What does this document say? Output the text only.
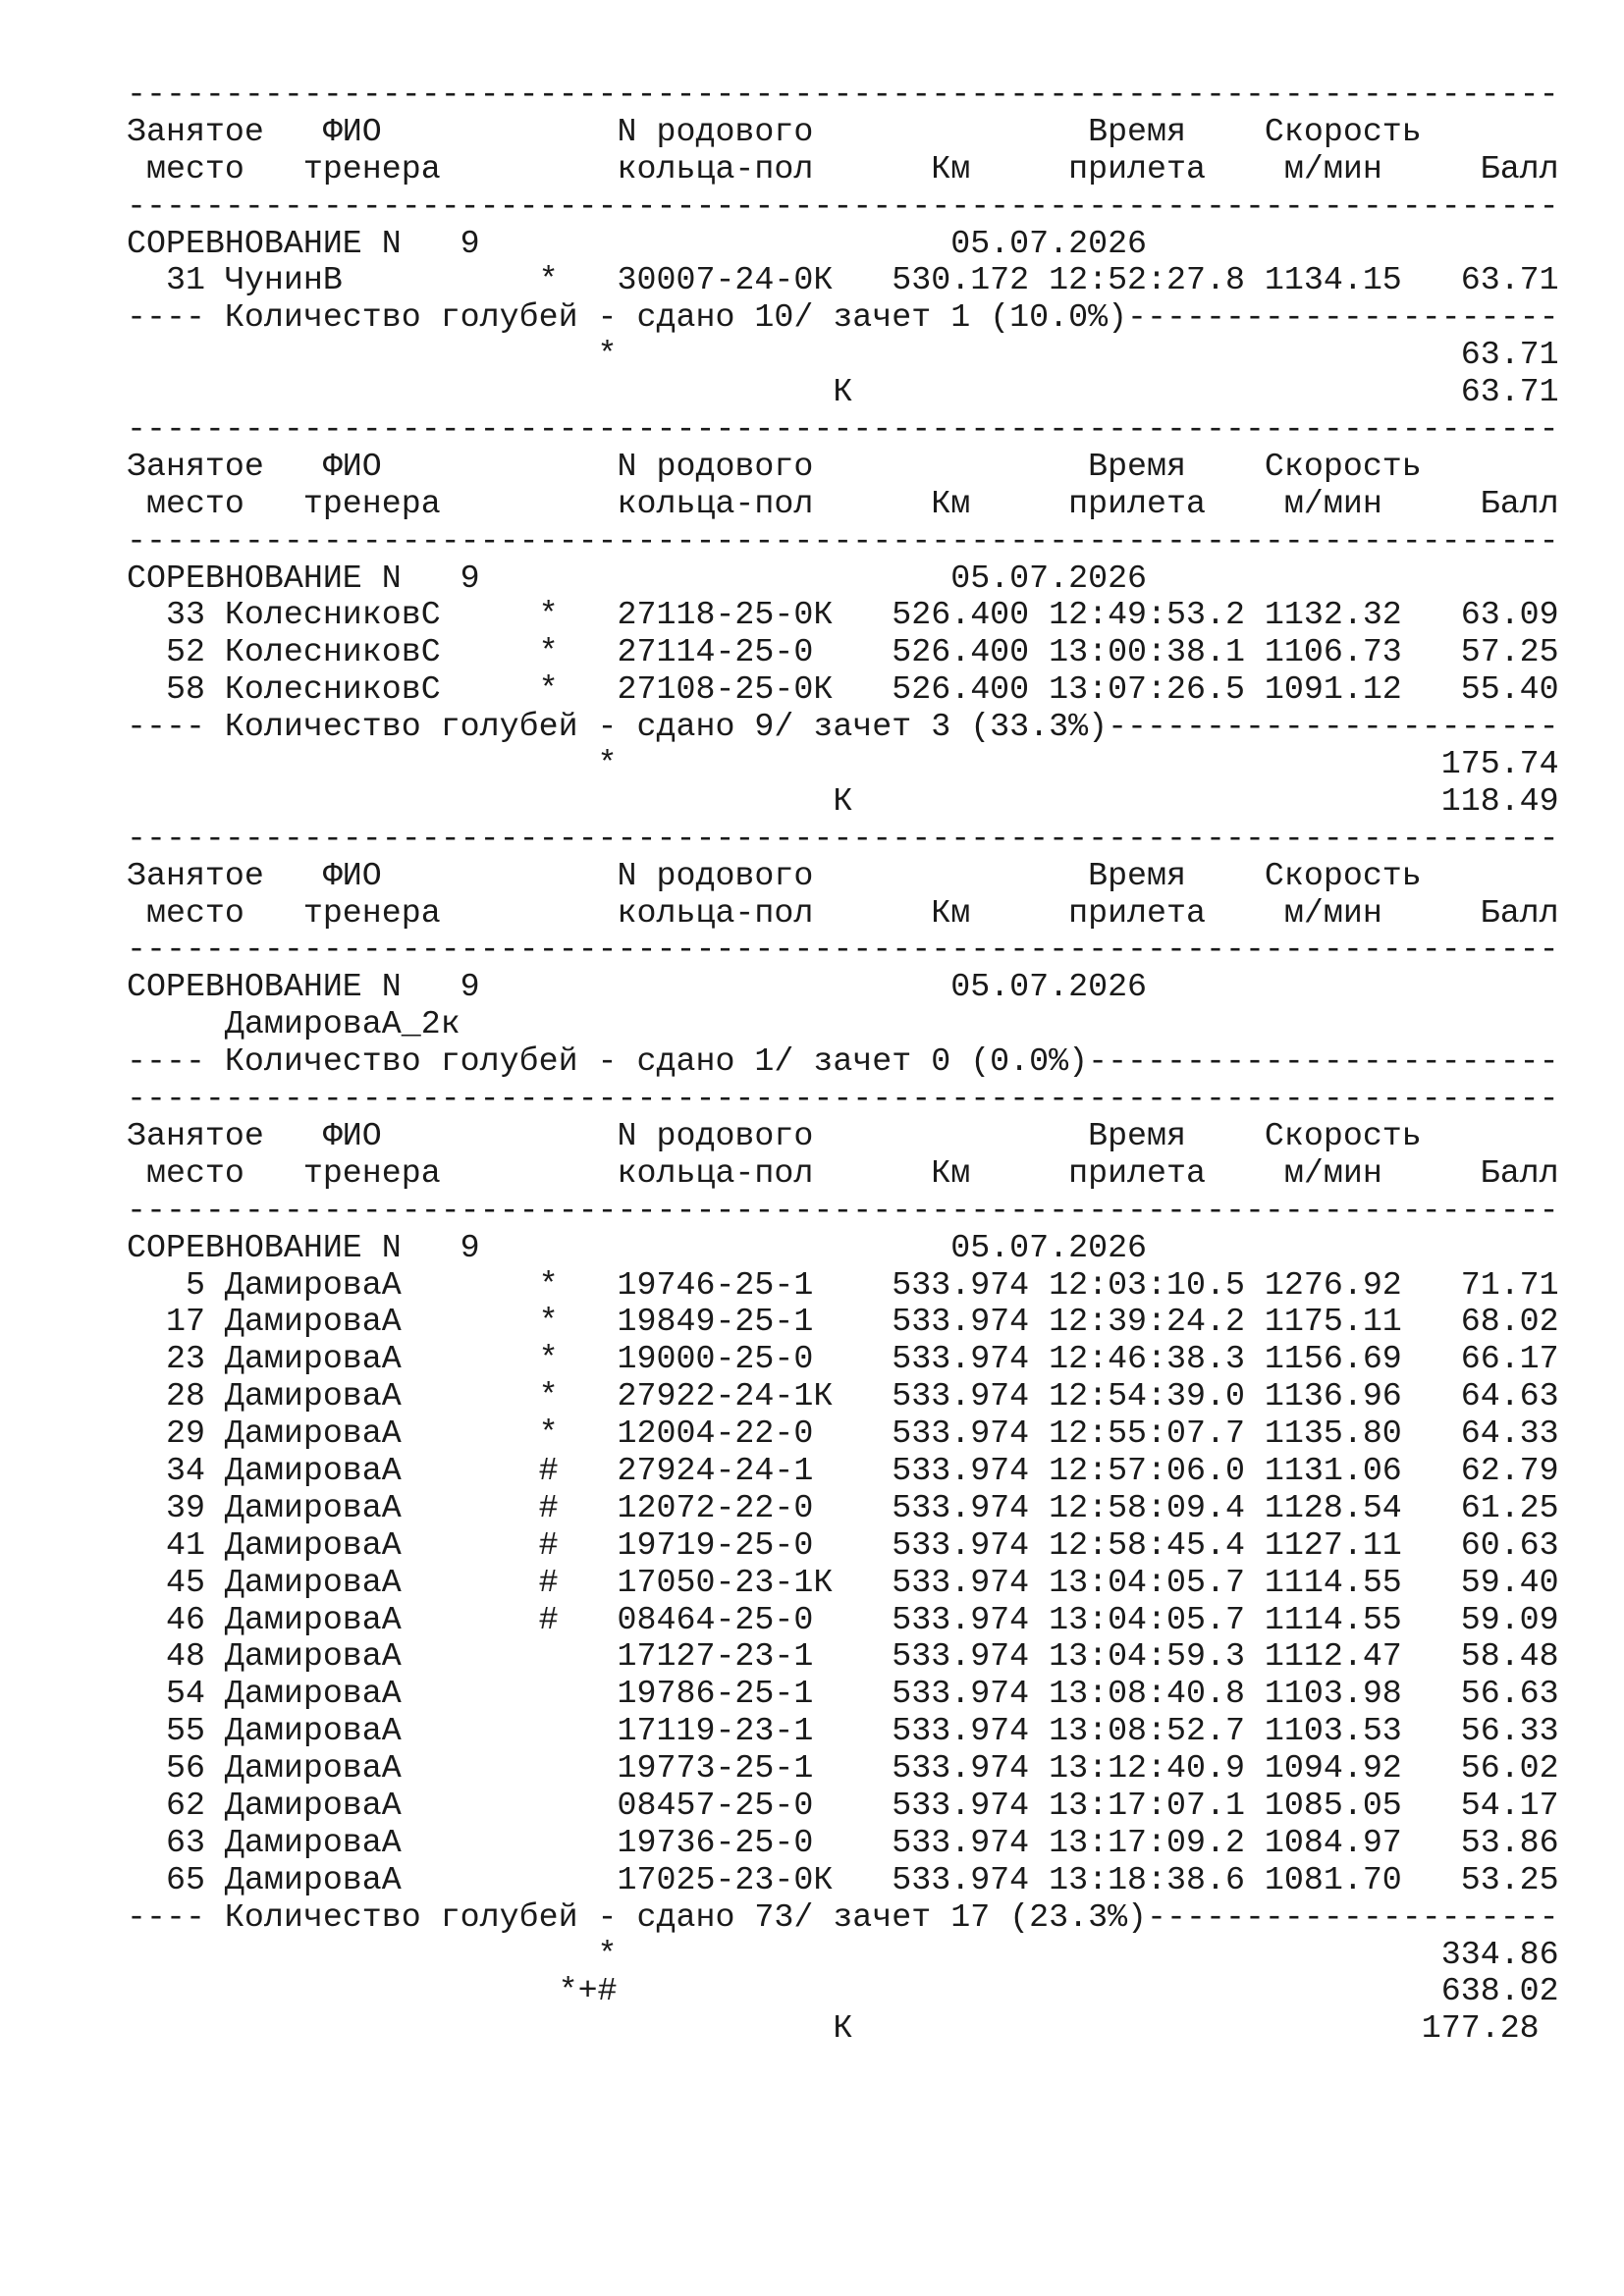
-------------------------------------------------------------------------
Занятое   ФИО            N родового              Время    Скорость
место   тренера         кольца-пол      Км     прилета    м/мин     Балл
-------------------------------------------------------------------------
СОРЕВНОВАНИЕ N   9                        05.07.2026
31 ЧунинВ          *   30007-24-0К   530.172 12:52:27.8 1134.15   63.71
---- Количество голубей - сдано 10/ зачет 1 (10.0%)----------------------
*                                           63.71
К                               63.71
-------------------------------------------------------------------------
Занятое   ФИО            N родового              Время    Скорость
место   тренера         кольца-пол      Км     прилета    м/мин     Балл
-------------------------------------------------------------------------
СОРЕВНОВАНИЕ N   9                        05.07.2026
33 КолесниковС     *   27118-25-0К   526.400 12:49:53.2 1132.32   63.09
52 КолесниковС     *   27114-25-0    526.400 13:00:38.1 1106.73   57.25
58 КолесниковС     *   27108-25-0К   526.400 13:07:26.5 1091.12   55.40
---- Количество голубей - сдано 9/ зачет 3 (33.3%)-----------------------
*                                          175.74
К                              118.49
-------------------------------------------------------------------------
Занятое   ФИО            N родового              Время    Скорость
место   тренера         кольца-пол      Км     прилета    м/мин     Балл
-------------------------------------------------------------------------
СОРЕВНОВАНИЕ N   9                        05.07.2026
ДамироваА_2к
---- Количество голубей - сдано 1/ зачет 0 (0.0%)------------------------
-------------------------------------------------------------------------
Занятое   ФИО            N родового              Время    Скорость
место   тренера         кольца-пол      Км     прилета    м/мин     Балл
-------------------------------------------------------------------------
СОРЕВНОВАНИЕ N   9                        05.07.2026
5 ДамироваА       *   19746-25-1    533.974 12:03:10.5 1276.92   71.71
17 ДамироваА       *   19849-25-1    533.974 12:39:24.2 1175.11   68.02
23 ДамироваА       *   19000-25-0    533.974 12:46:38.3 1156.69   66.17
28 ДамироваА       *   27922-24-1К   533.974 12:54:39.0 1136.96   64.63
29 ДамироваА       *   12004-22-0    533.974 12:55:07.7 1135.80   64.33
34 ДамироваА       #   27924-24-1    533.974 12:57:06.0 1131.06   62.79
39 ДамироваА       #   12072-22-0    533.974 12:58:09.4 1128.54   61.25
41 ДамироваА       #   19719-25-0    533.974 12:58:45.4 1127.11   60.63
45 ДамироваА       #   17050-23-1К   533.974 13:04:05.7 1114.55   59.40
46 ДамироваА       #   08464-25-0    533.974 13:04:05.7 1114.55   59.09
48 ДамироваА           17127-23-1    533.974 13:04:59.3 1112.47   58.48
54 ДамироваА           19786-25-1    533.974 13:08:40.8 1103.98   56.63
55 ДамироваА           17119-23-1    533.974 13:08:52.7 1103.53   56.33
56 ДамироваА           19773-25-1    533.974 13:12:40.9 1094.92   56.02
62 ДамироваА           08457-25-0    533.974 13:17:07.1 1085.05   54.17
63 ДамироваА           19736-25-0    533.974 13:17:09.2 1084.97   53.86
65 ДамироваА           17025-23-0К   533.974 13:18:38.6 1081.70   53.25
---- Количество голубей - сдано 73/ зачет 17 (23.3%)---------------------
*                                          334.86
*+#                                          638.02
К                             177.28
